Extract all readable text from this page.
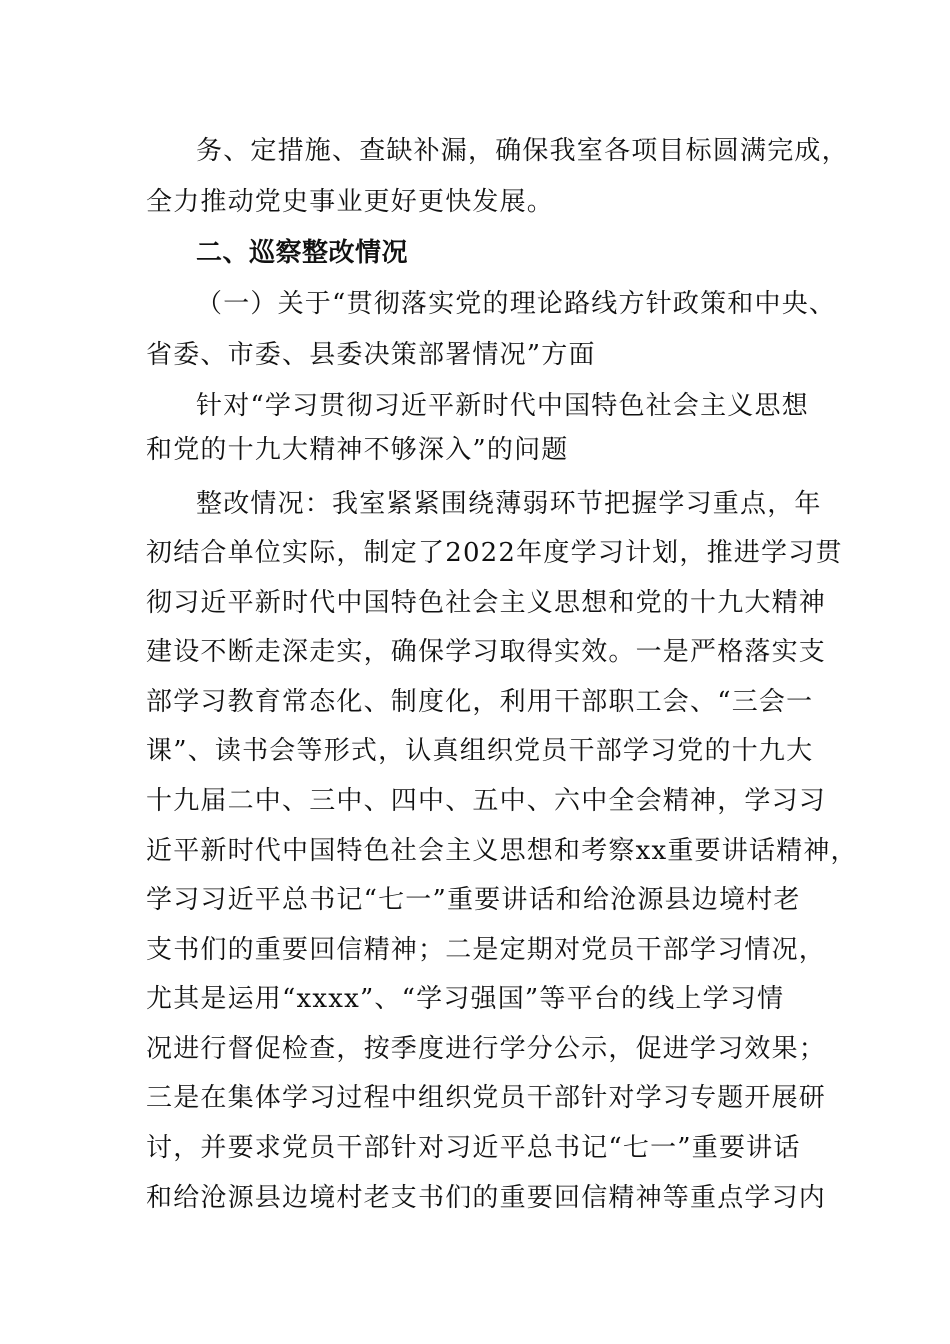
务、定措施、查缺补漏，确保我室各项目标圆满完成，
全力推动党史事业更好更快发展。
二、巡察整改情况
（一）关于“贯彻落实党的理论路线方针政策和中央、
省委、市委、县委决策部署情况”方面
针对“学习贯彻习近平新时代中国特色社会主义思想
和党的十九大精神不够深入”的问题
整改情况：我室紧紧围绕薄弱环节把握学习重点，年
初结合单位实际，制定了2022年度学习计划，推进学习贯
彻习近平新时代中国特色社会主义思想和党的十九大精神
建设不断走深走实，确保学习取得实效。一是严格落实支
部学习教育常态化、制度化，利用干部职工会、“三会一
课”、读书会等形式，认真组织党员干部学习党的十九大
十九届二中、三中、四中、五中、六中全会精神，学习习
近平新时代中国特色社会主义思想和考察xx重要讲话精神，
学习习近平总书记“七一”重要讲话和给沧源县边境村老
支书们的重要回信精神；二是定期对党员干部学习情况，
尤其是运用“xxxx”、“学习强国”等平台的线上学习情
况进行督促检查，按季度进行学分公示，促进学习效果；
三是在集体学习过程中组织党员干部针对学习专题开展研
讨，并要求党员干部针对习近平总书记“七一”重要讲话
和给沧源县边境村老支书们的重要回信精神等重点学习内
